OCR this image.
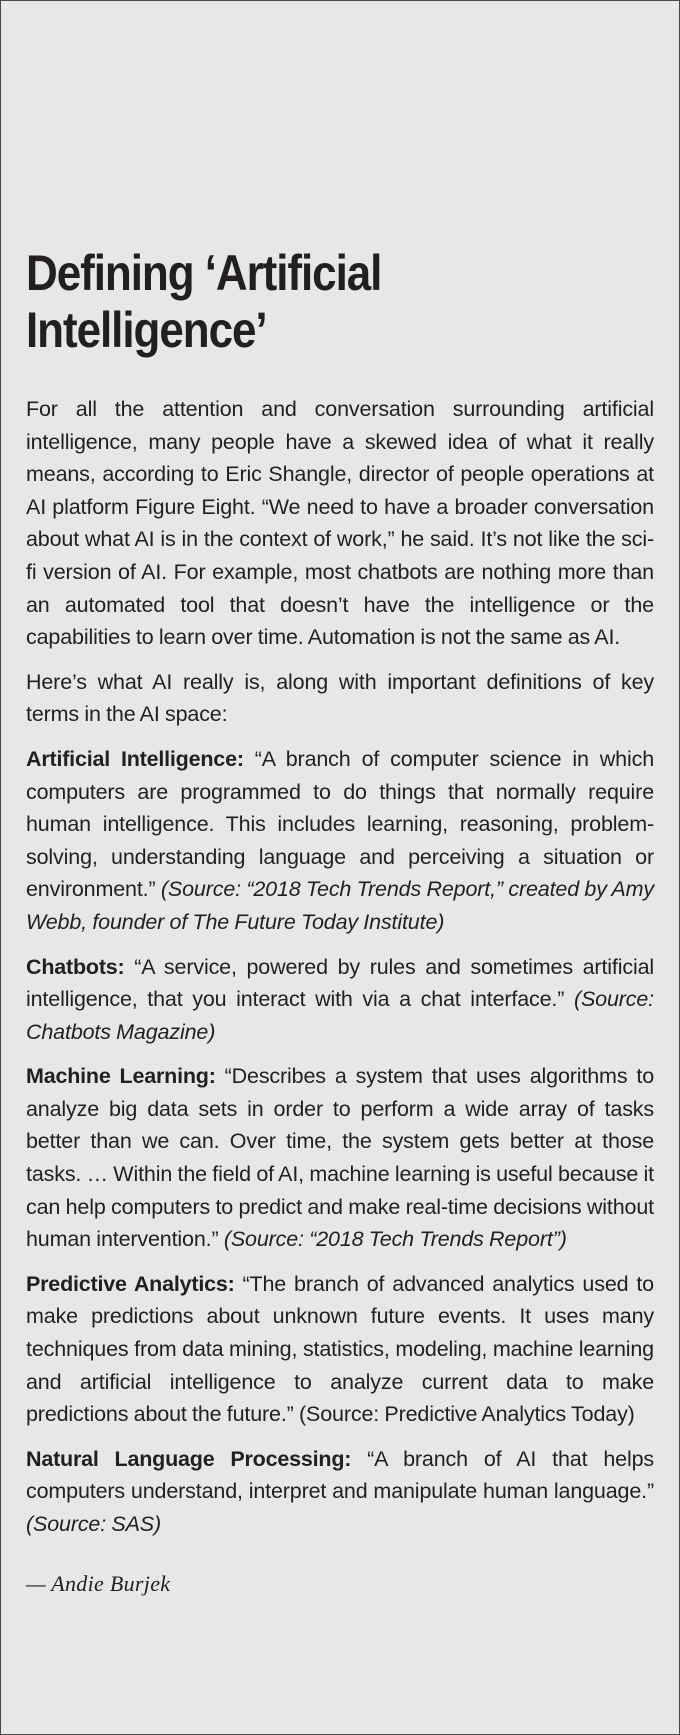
Defining ‘Artificial
Intelligence’

For all the attention and conversation surrounding artificial intelligence, many people have a skewed idea of what it really means, according to Eric Shangle, director of people operations at AI platform Figure Eight. “We need to have a broader conversation about what AI is in the context of work,” he said. It’s not like the sci-fi version of AI. For example, most chatbots are nothing more than an automated tool that doesn’t have the intelligence or the capabilities to learn over time. Automation is not the same as AI.

Here’s what AI really is, along with important definitions of key terms in the AI space:

Artificial Intelligence: “A branch of computer science in which computers are programmed to do things that normally require human intelligence. This includes learning, reasoning, problem-solving, understanding language and perceiving a situation or environment.” (Source: “2018 Tech Trends Report,” created by Amy Webb, founder of The Future Today Institute)

Chatbots: “A service, powered by rules and sometimes artificial intelligence, that you interact with via a chat interface.” (Source: Chatbots Magazine)

Machine Learning: “Describes a system that uses algorithms to analyze big data sets in order to perform a wide array of tasks better than we can. Over time, the system gets better at those tasks. … Within the field of AI, machine learning is useful because it can help computers to predict and make real-time decisions without human intervention.” (Source: “2018 Tech Trends Report”)

Predictive Analytics: “The branch of advanced analytics used to make predictions about unknown future events. It uses many techniques from data mining, statistics, modeling, machine learning and artificial intelligence to analyze current data to make predictions about the future.” (Source: Predictive Analytics Today)

Natural Language Processing: “A branch of AI that helps computers understand, interpret and manipulate human language.” (Source: SAS)

— Andie Burjek
